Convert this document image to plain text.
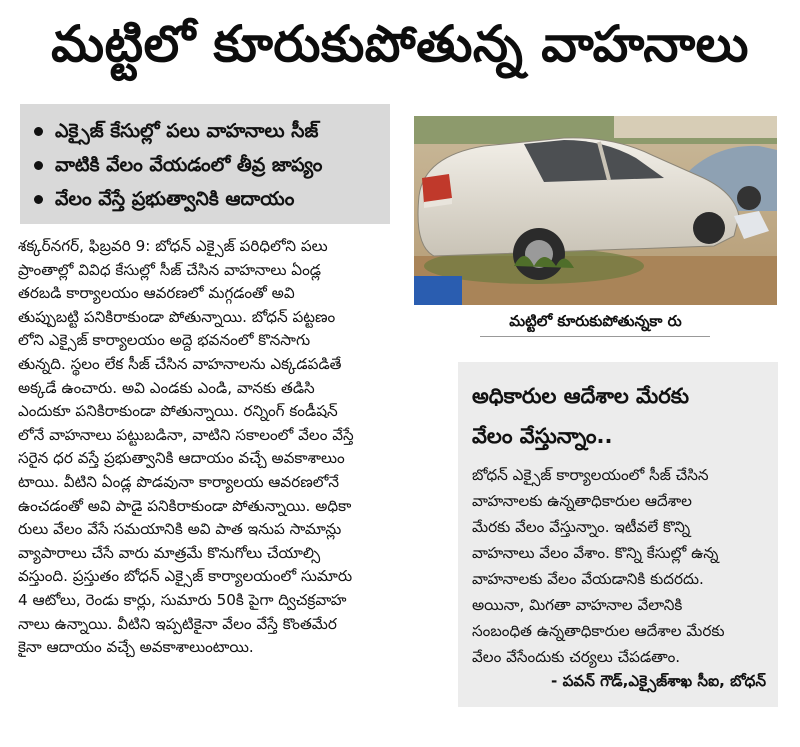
మట్టిలో కూరుకుపోతున్న వాహనాలు
ఎక్సైజ్ కేసుల్లో పలు వాహనాలు సీజ్
వాటికి వేలం వేయడంలో తీవ్ర జాప్యం
వేలం వేస్తే ప్రభుత్వానికి ఆదాయం
మట్టిలో కూరుకుపోతున్నకా రు

శక్కర్‌నగర్, ఫిబ్రవరి 9: బోధన్ ఎక్సైజ్ పరిధిలోని పలు

ప్రాంతాల్లో వివిధ కేసుల్లో సీజ్ చేసిన వాహనాలు ఏండ్ల

తరబడి కార్యాలయం ఆవరణలో మగ్గడంతో అవి

తుప్పుబట్టి పనికిరాకుండా పోతున్నాయి. బోధన్ పట్టణం

లోని ఎక్సైజ్ కార్యాలయం అద్దె భవనంలో కొనసాగు

తున్నది. స్థలం లేక సీజ్ చేసిన వాహనాలను ఎక్కడపడితే

అక్కడే ఉంచారు. అవి ఎండకు ఎండి, వానకు తడిసి

ఎందుకూ పనికిరాకుండా పోతున్నాయి. రన్నింగ్ కండీషన్

లోనే వాహనాలు పట్టుబడినా, వాటిని సకాలంలో వేలం వేస్తే

సరైన ధర వస్తే ప్రభుత్వానికి ఆదాయం వచ్చే అవకాశాలుం

టాయి. వీటిని ఏండ్ల పొడవునా కార్యాలయ ఆవరణలోనే

ఉంచడంతో అవి పాడై పనికిరాకుండా పోతున్నాయి. అధికా

రులు వేలం వేసే సమయానికి అవి పాత ఇనుప సామాన్లు

వ్యాపారాలు చేసే వారు మాత్రమే కొనుగోలు చేయాల్సి

వస్తుంది. ప్రస్తుతం బోధన్ ఎక్సైజ్ కార్యాలయంలో సుమారు

4 ఆటోలు, రెండు కార్లు, సుమారు 50కి పైగా ద్విచక్రవాహ

నాలు ఉన్నాయి. వీటిని ఇప్పటికైనా వేలం వేస్తే కొంతమేర

కైనా ఆదాయం వచ్చే అవకాశాలుంటాయి.

అధికారుల ఆదేశాల మేరకు
వేలం వేస్తున్నాం..

బోధన్ ఎక్సైజ్ కార్యాలయంలో సీజ్ చేసిన

వాహనాలకు ఉన్నతాధికారుల ఆదేశాల

మేరకు వేలం వేస్తున్నాం. ఇటీవలే కొన్ని

వాహనాలు వేలం వేశాం. కొన్ని కేసుల్లో ఉన్న

వాహనాలకు వేలం వేయడానికి కుదరదు.

అయినా, మిగతా వాహనాల వేలానికి

సంబంధిత ఉన్నతాధికారుల ఆదేశాల మేరకు

వేలం వేసేందుకు చర్యలు చేపడతాం.

- పవన్ గౌడ్,ఎక్సైజ్‌శాఖ సీఐ, బోధన్
